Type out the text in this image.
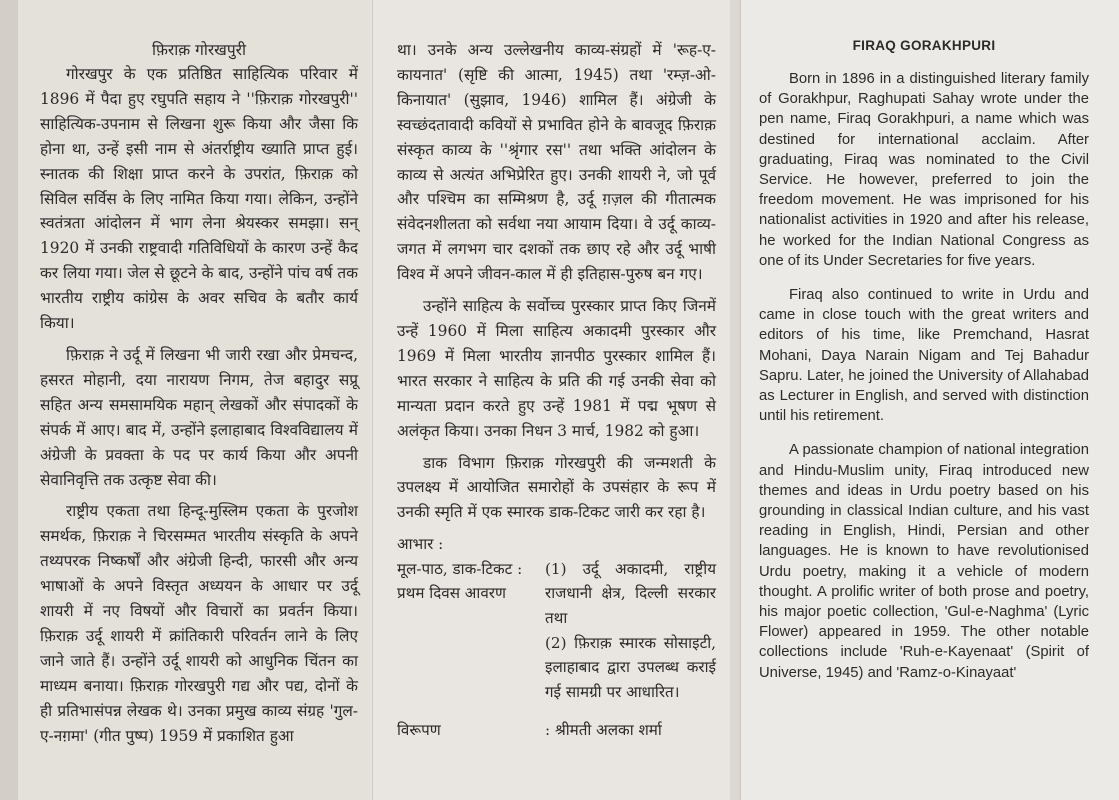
फ़िराक़ गोरखपुरी

गोरखपुर के एक प्रतिष्ठित साहित्यिक परिवार में 1896 में पैदा हुए रघुपति सहाय ने ''फ़िराक़ गोरखपुरी'' साहित्यिक-उपनाम से लिखना शुरू किया और जैसा कि होना था, उन्हें इसी नाम से अंतर्राष्ट्रीय ख्याति प्राप्त हुई। स्नातक की शिक्षा प्राप्त करने के उपरांत, फ़िराक़ को सिविल सर्विस के लिए नामित किया गया। लेकिन, उन्होंने स्वतंत्रता आंदोलन में भाग लेना श्रेयस्कर समझा। सन् 1920 में उनकी राष्ट्रवादी गतिविधियों के कारण उन्हें कैद कर लिया गया। जेल से छूटने के बाद, उन्होंने पांच वर्ष तक भारतीय राष्ट्रीय कांग्रेस के अवर सचिव के बतौर कार्य किया।

फ़िराक़ ने उर्दू में लिखना भी जारी रखा और प्रेमचन्द, हसरत मोहानी, दया नारायण निगम, तेज बहादुर सप्रू सहित अन्य समसामयिक महान् लेखकों और संपादकों के संपर्क में आए। बाद में, उन्होंने इलाहाबाद विश्वविद्यालय में अंग्रेजी के प्रवक्ता के पद पर कार्य किया और अपनी सेवानिवृत्ति तक उत्कृष्ट सेवा की।

राष्ट्रीय एकता तथा हिन्दू-मुस्लिम एकता के पुरजोश समर्थक, फ़िराक़ ने चिरसम्मत भारतीय संस्कृति के अपने तथ्यपरक निष्कर्षों और अंग्रेजी हिन्दी, फारसी और अन्य भाषाओं के अपने विस्तृत अध्ययन के आधार पर उर्दू शायरी में नए विषयों और विचारों का प्रवर्तन किया। फ़िराक़ उर्दू शायरी में क्रांतिकारी परिवर्तन लाने के लिए जाने जाते हैं। उन्होंने उर्दू शायरी को आधुनिक चिंतन का माध्यम बनाया। फ़िराक़ गोरखपुरी गद्य और पद्य, दोनों के ही प्रतिभासंपन्न लेखक थे। उनका प्रमुख काव्य संग्रह 'गुल-ए-नग़मा' (गीत पुष्प) 1959 में प्रकाशित हुआ

था। उनके अन्य उल्लेखनीय काव्य-संग्रहों में 'रूह-ए-कायनात' (सृष्टि की आत्मा, 1945) तथा 'रम्ज़-ओ-किनायात' (सुझाव, 1946) शामिल हैं। अंग्रेजी के स्वच्छंदतावादी कवियों से प्रभावित होने के बावजूद फ़िराक़ संस्कृत काव्य के ''श्रृंगार रस'' तथा भक्ति आंदोलन के काव्य से अत्यंत अभिप्रेरित हुए। उनकी शायरी ने, जो पूर्व और पश्चिम का सम्मिश्रण है, उर्दू ग़ज़ल की गीतात्मक संवेदनशीलता को सर्वथा नया आयाम दिया। वे उर्दू काव्य-जगत में लगभग चार दशकों तक छाए रहे और उर्दू भाषी विश्व में अपने जीवन-काल में ही इतिहास-पुरुष बन गए।

उन्होंने साहित्य के सर्वोच्च पुरस्कार प्राप्त किए जिनमें उन्हें 1960 में मिला साहित्य अकादमी पुरस्कार और 1969 में मिला भारतीय ज्ञानपीठ पुरस्कार शामिल हैं। भारत सरकार ने साहित्य के प्रति की गई उनकी सेवा को मान्यता प्रदान करते हुए उन्हें 1981 में पद्म भूषण से अलंकृत किया। उनका निधन 3 मार्च, 1982 को हुआ।

डाक विभाग फ़िराक़ गोरखपुरी की जन्मशती के उपलक्ष्य में आयोजित समारोहों के उपसंहार के रूप में उनकी स्मृति में एक स्मारक डाक-टिकट जारी कर रहा है।

आभार :
मूल-पाठ, डाक-टिकट :
प्रथम दिवस आवरण
(1) उर्दू अकादमी, राष्ट्रीय राजधानी क्षेत्र, दिल्ली सरकार तथा
(2) फ़िराक़ स्मारक सोसाइटी, इलाहाबाद द्वारा उपलब्ध कराई गई सामग्री पर आधारित।
विरूपण	: श्रीमती अलका शर्मा
FIRAQ GORAKHPURI

Born in 1896 in a distinguished literary family of Gorakhpur, Raghupati Sahay wrote under the pen name, Firaq Gorakhpuri, a name which was destined for international acclaim. After graduating, Firaq was nominated to the Civil Service. He however, preferred to join the freedom movement. He was imprisoned for his nationalist activities in 1920 and after his release, he worked for the Indian National Congress as one of its Under Secretaries for five years.

Firaq also continued to write in Urdu and came in close touch with the great writers and editors of his time, like Premchand, Hasrat Mohani, Daya Narain Nigam and Tej Bahadur Sapru. Later, he joined the University of Allahabad as Lecturer in English, and served with distinction until his retirement.

A passionate champion of national integration and Hindu-Muslim unity, Firaq introduced new themes and ideas in Urdu poetry based on his grounding in classical Indian culture, and his vast reading in English, Hindi, Persian and other languages. He is known to have revolutionised Urdu poetry, making it a vehicle of modern thought. A prolific writer of both prose and poetry, his major poetic collection, 'Gul-e-Naghma' (Lyric Flower) appeared in 1959. The other notable collections include 'Ruh-e-Kayenaat' (Spirit of Universe, 1945) and 'Ramz-o-Kinayaat'
